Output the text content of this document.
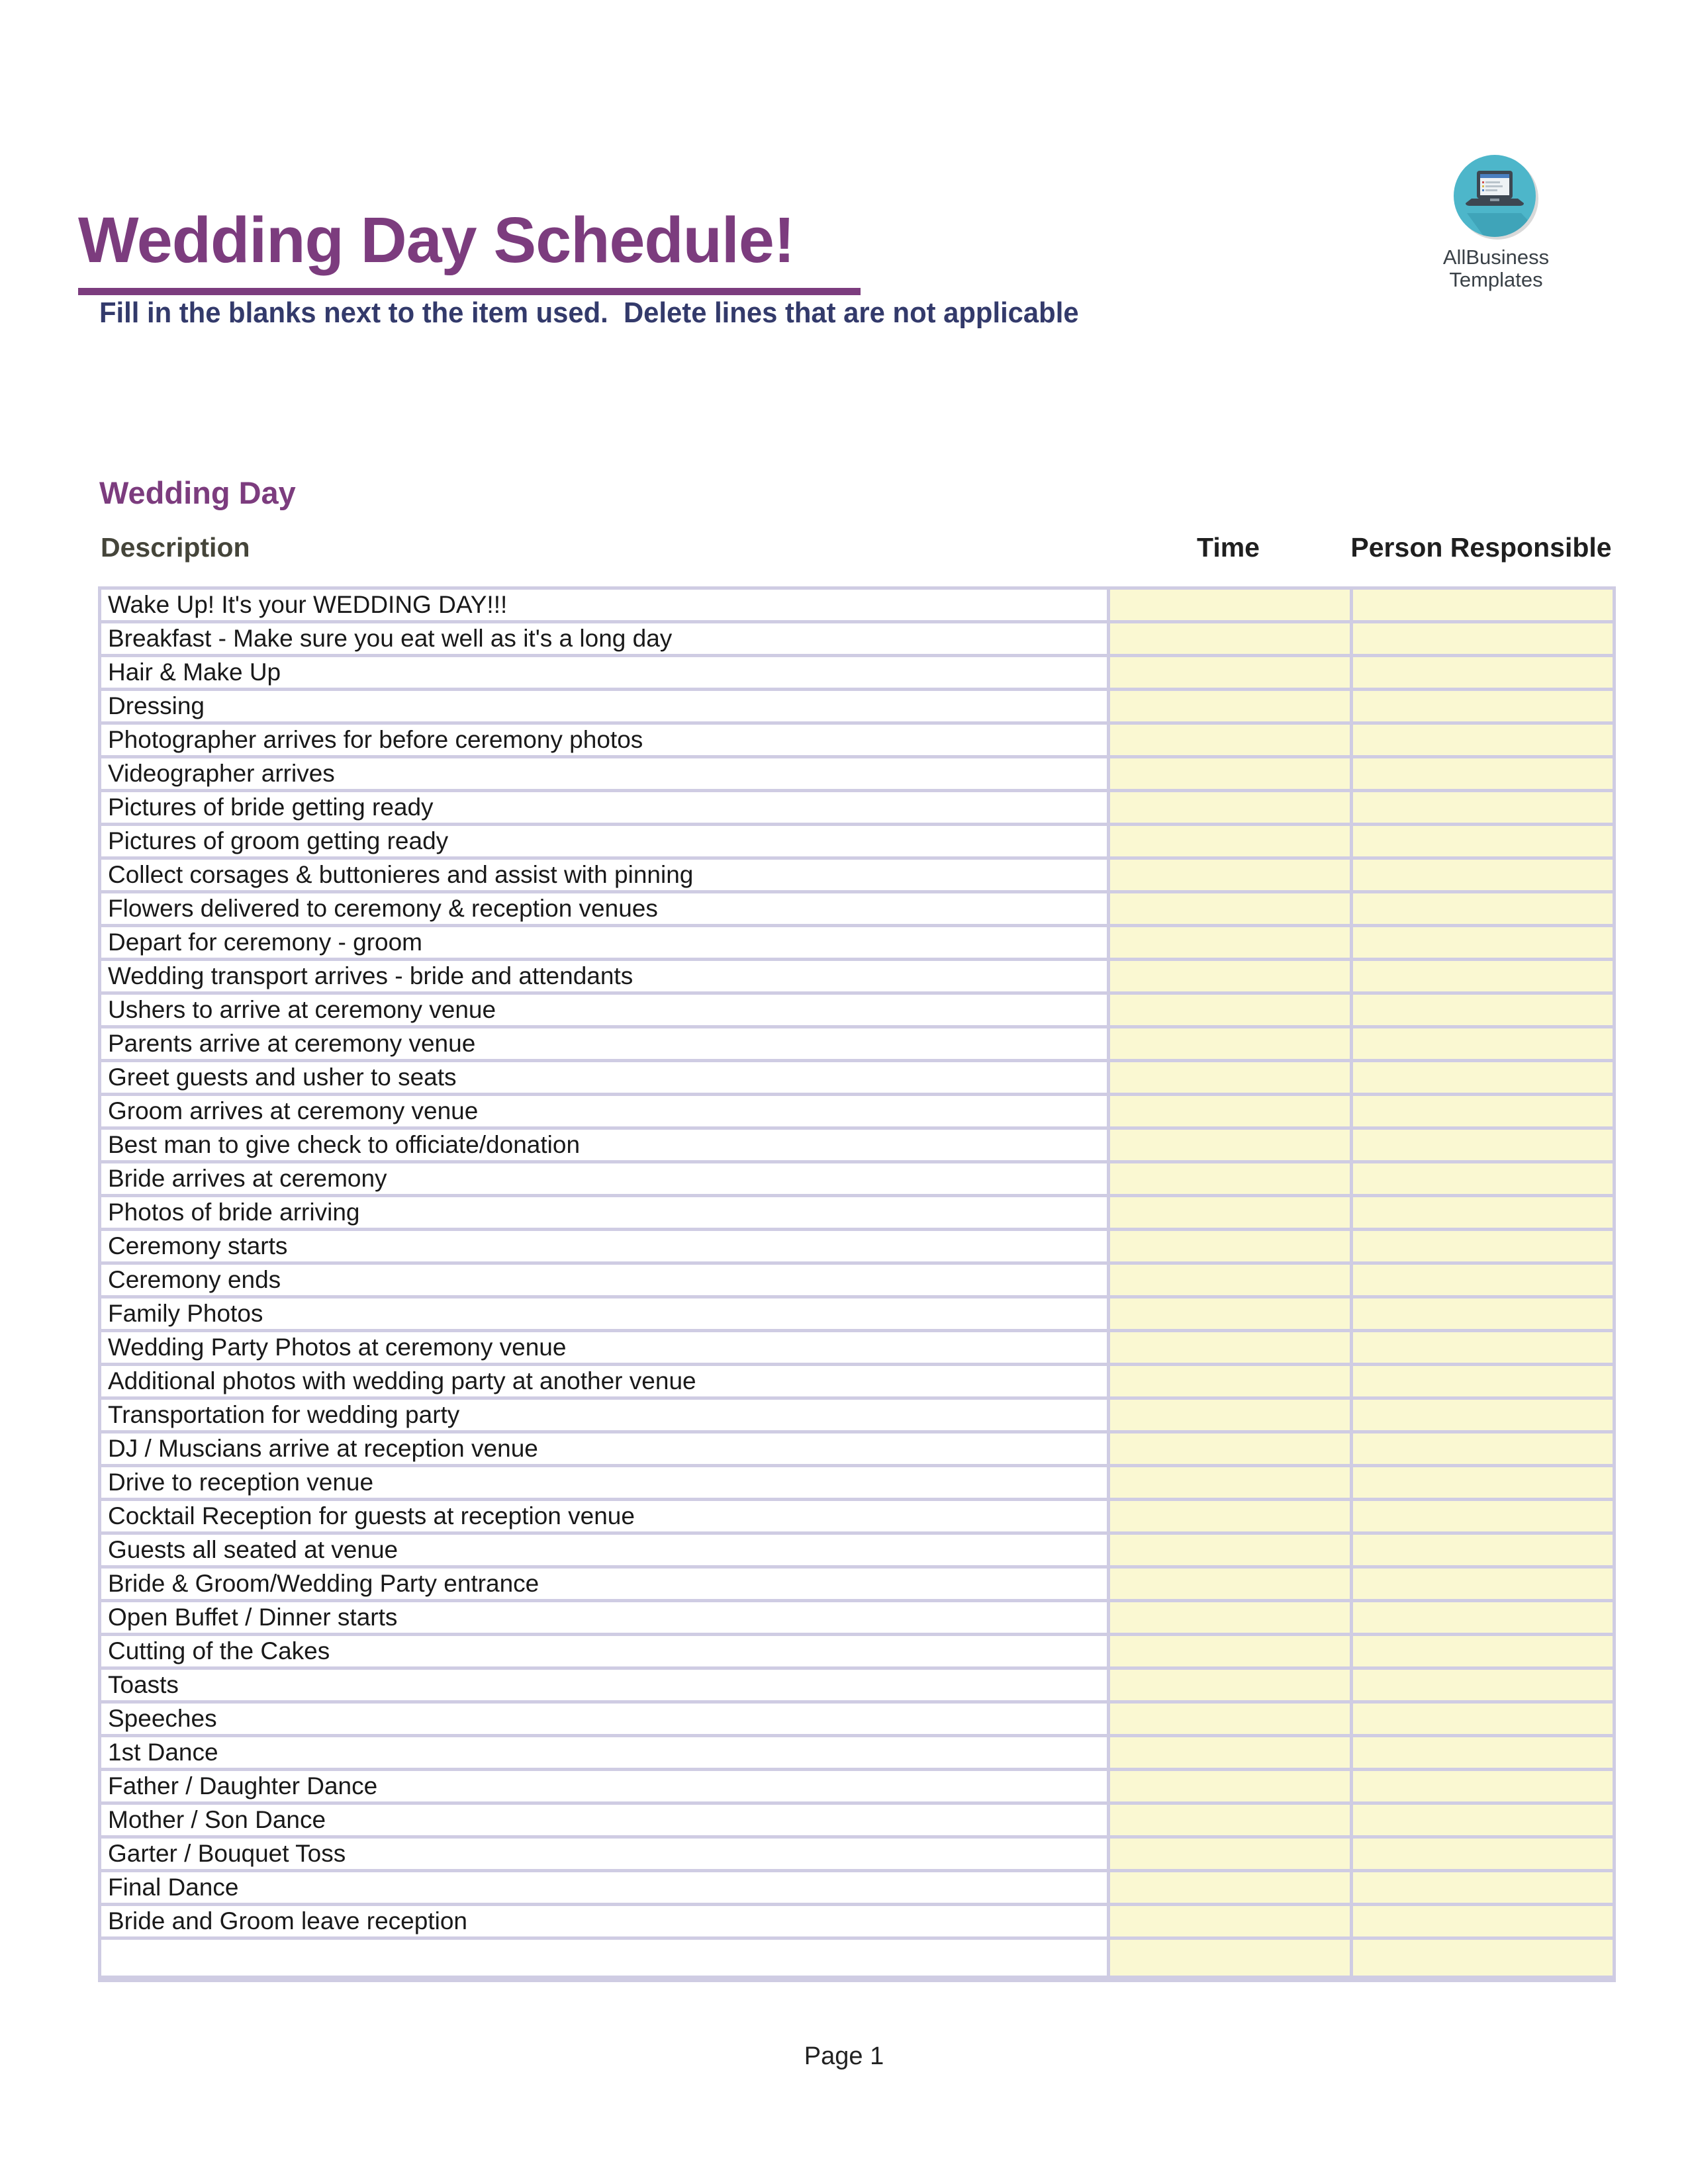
Wedding Day Schedule!	AllBusiness
Templates
Fill in the blanks next to the item used.  Delete lines that are not applicable
Wedding Day
Description	Time	Person Responsible
Wake Up! It's your WEDDING DAY!!!		
Breakfast - Make sure you eat well as it's a long day		
Hair & Make Up		
Dressing		
Photographer arrives for before ceremony photos		
Videographer arrives		
Pictures of bride getting ready		
Pictures of groom getting ready		
Collect corsages & buttonieres and assist with pinning		
Flowers delivered to ceremony & reception venues		
Depart for ceremony - groom		
Wedding transport arrives - bride and attendants		
Ushers to arrive at ceremony venue		
Parents arrive at ceremony venue		
Greet guests and usher to seats		
Groom arrives at ceremony venue		
Best man to give check to officiate/donation		
Bride arrives at ceremony		
Photos of bride arriving		
Ceremony starts		
Ceremony ends		
Family Photos		
Wedding Party Photos at ceremony venue		
Additional photos with wedding party at another venue		
Transportation for wedding party		
DJ / Muscians arrive at reception venue		
Drive to reception venue		
Cocktail Reception for guests at reception venue		
Guests all seated at venue		
Bride & Groom/Wedding Party entrance		
Open Buffet / Dinner starts		
Cutting of the Cakes		
Toasts		
Speeches		
1st Dance		
Father / Daughter Dance		
Mother / Son Dance		
Garter / Bouquet Toss		
Final Dance		
Bride and Groom leave reception		

Page 1
